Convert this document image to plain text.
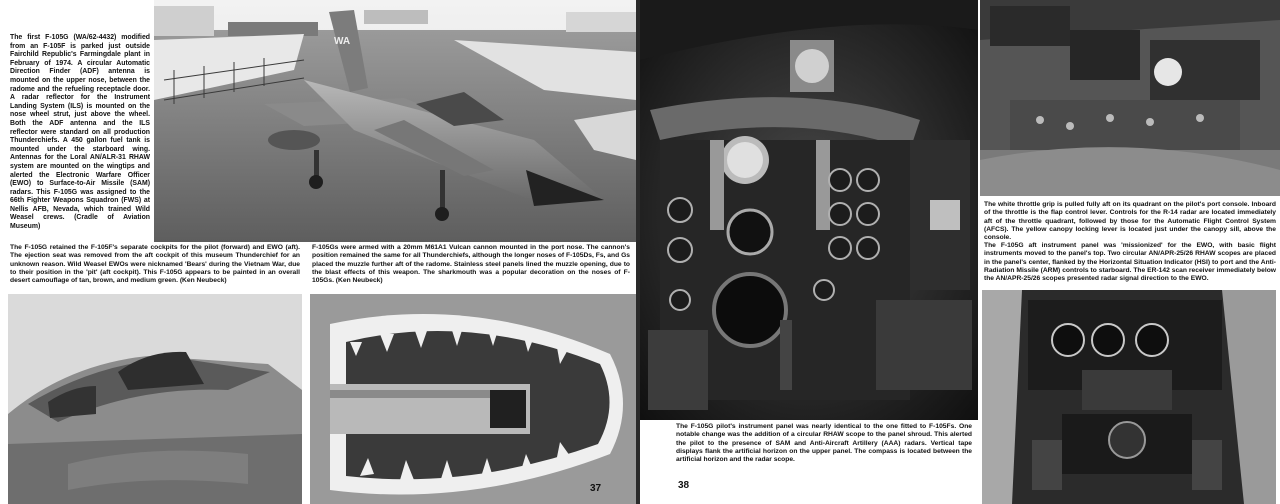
The first F-105G (WA/62-4432) modified from an F-105F is parked just outside Fairchild Republic's Farmingdale plant in February of 1974. A circular Automatic Direction Finder (ADF) antenna is mounted on the upper nose, between the radome and the refueling receptacle door. A radar reflector for the Instrument Landing System (ILS) is mounted on the nose wheel strut, just above the wheel. Both the ADF antenna and the ILS reflector were standard on all production Thunderchiefs. A 450 gallon fuel tank is mounted under the starboard wing. Antennas for the Loral AN/ALR-31 RHAW system are mounted on the wingtips and alerted the Electronic Warfare Officer (EWO) to Surface-to-Air Missile (SAM) radars. This F-105G was assigned to the 66th Fighter Weapons Squadron (FWS) at Nellis AFB, Nevada, which trained Wild Weasel crews. (Cradle of Aviation Museum)
WA
The F-105G retained the F-105F's separate cockpits for the pilot (forward) and EWO (aft). The ejection seat was removed from the aft cockpit of this museum Thunderchief for an unknown reason. Wild Weasel EWOs were nicknamed 'Bears' during the Vietnam War, due to their position in the 'pit' (aft cockpit). This F-105G appears to be painted in an overall desert camouflage of tan, brown, and medium green. (Ken Neubeck)
F-105Gs were armed with a 20mm M61A1 Vulcan cannon mounted in the port nose. The cannon's position remained the same for all Thunderchiefs, although the longer noses of F-105Ds, Fs, and Gs placed the muzzle further aft of the radome. Stainless steel panels lined the muzzle opening, due to the blast effects of this weapon. The sharkmouth was a popular decoration on the noses of F-105Gs. (Ken Neubeck)
37
The F-105G pilot's instrument panel was nearly identical to the one fitted to F-105Fs. One notable change was the addition of a circular RHAW scope to the panel shroud. This alerted the pilot to the presence of SAM and Anti-Aircraft Artillery (AAA) radars. Vertical tape displays flank the artificial horizon on the upper panel. The compass is located between the artificial horizon and the radar scope.
38
The white throttle grip is pulled fully aft on its quadrant on the pilot's port console. Inboard of the throttle is the flap control lever. Controls for the R-14 radar are located immediately aft of the throttle quadrant, followed by those for the Automatic Flight Control System (AFCS). The yellow canopy locking lever is located just under the canopy sill, above the console.
The F-105G aft instrument panel was 'missionized' for the EWO, with basic flight instruments moved to the panel's top. Two circular AN/APR-25/26 RHAW scopes are placed in the panel's center, flanked by the Horizontal Situation Indicator (HSI) to port and the Anti-Radiation Missile (ARM) controls to starboard. The ER-142 scan receiver immediately below the AN/APR-25/26 scopes presented radar signal direction to the EWO.
